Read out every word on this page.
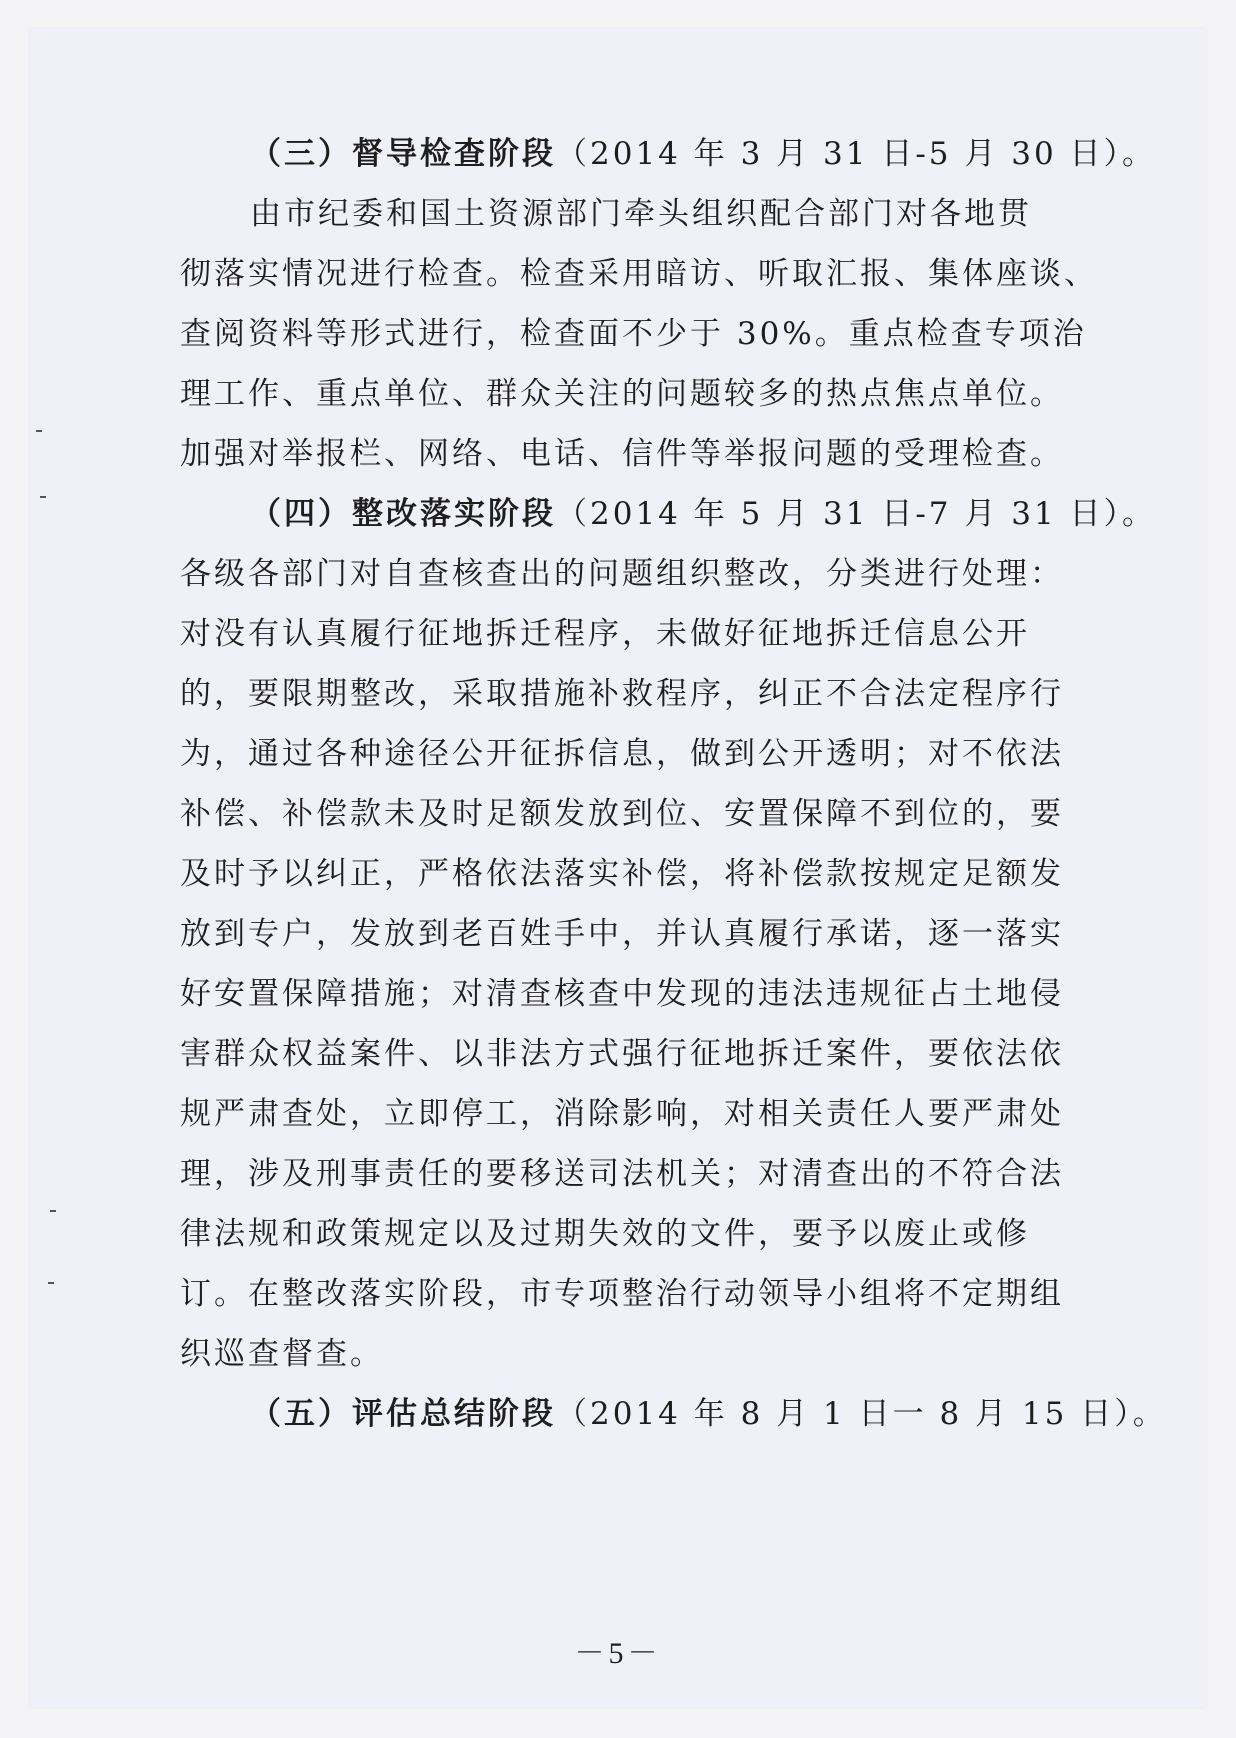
（三）督导检查阶段（2014 年 3 月 31 日-5 月 30 日）。
由市纪委和国土资源部门牵头组织配合部门对各地贯
彻落实情况进行检查。检查采用暗访、听取汇报、集体座谈、
查阅资料等形式进行，检查面不少于 30%。重点检查专项治
理工作、重点单位、群众关注的问题较多的热点焦点单位。
加强对举报栏、网络、电话、信件等举报问题的受理检查。
（四）整改落实阶段（2014 年 5 月 31 日-7 月 31 日）。
各级各部门对自查核查出的问题组织整改，分类进行处理：
对没有认真履行征地拆迁程序，未做好征地拆迁信息公开
的，要限期整改，采取措施补救程序，纠正不合法定程序行
为，通过各种途径公开征拆信息，做到公开透明；对不依法
补偿、补偿款未及时足额发放到位、安置保障不到位的，要
及时予以纠正，严格依法落实补偿，将补偿款按规定足额发
放到专户，发放到老百姓手中，并认真履行承诺，逐一落实
好安置保障措施；对清查核查中发现的违法违规征占土地侵
害群众权益案件、以非法方式强行征地拆迁案件，要依法依
规严肃查处，立即停工，消除影响，对相关责任人要严肃处
理，涉及刑事责任的要移送司法机关；对清查出的不符合法
律法规和政策规定以及过期失效的文件，要予以废止或修
订。在整改落实阶段，市专项整治行动领导小组将不定期组
织巡查督查。
（五）评估总结阶段（2014 年 8 月 1 日一 8 月 15 日）。
－5－
